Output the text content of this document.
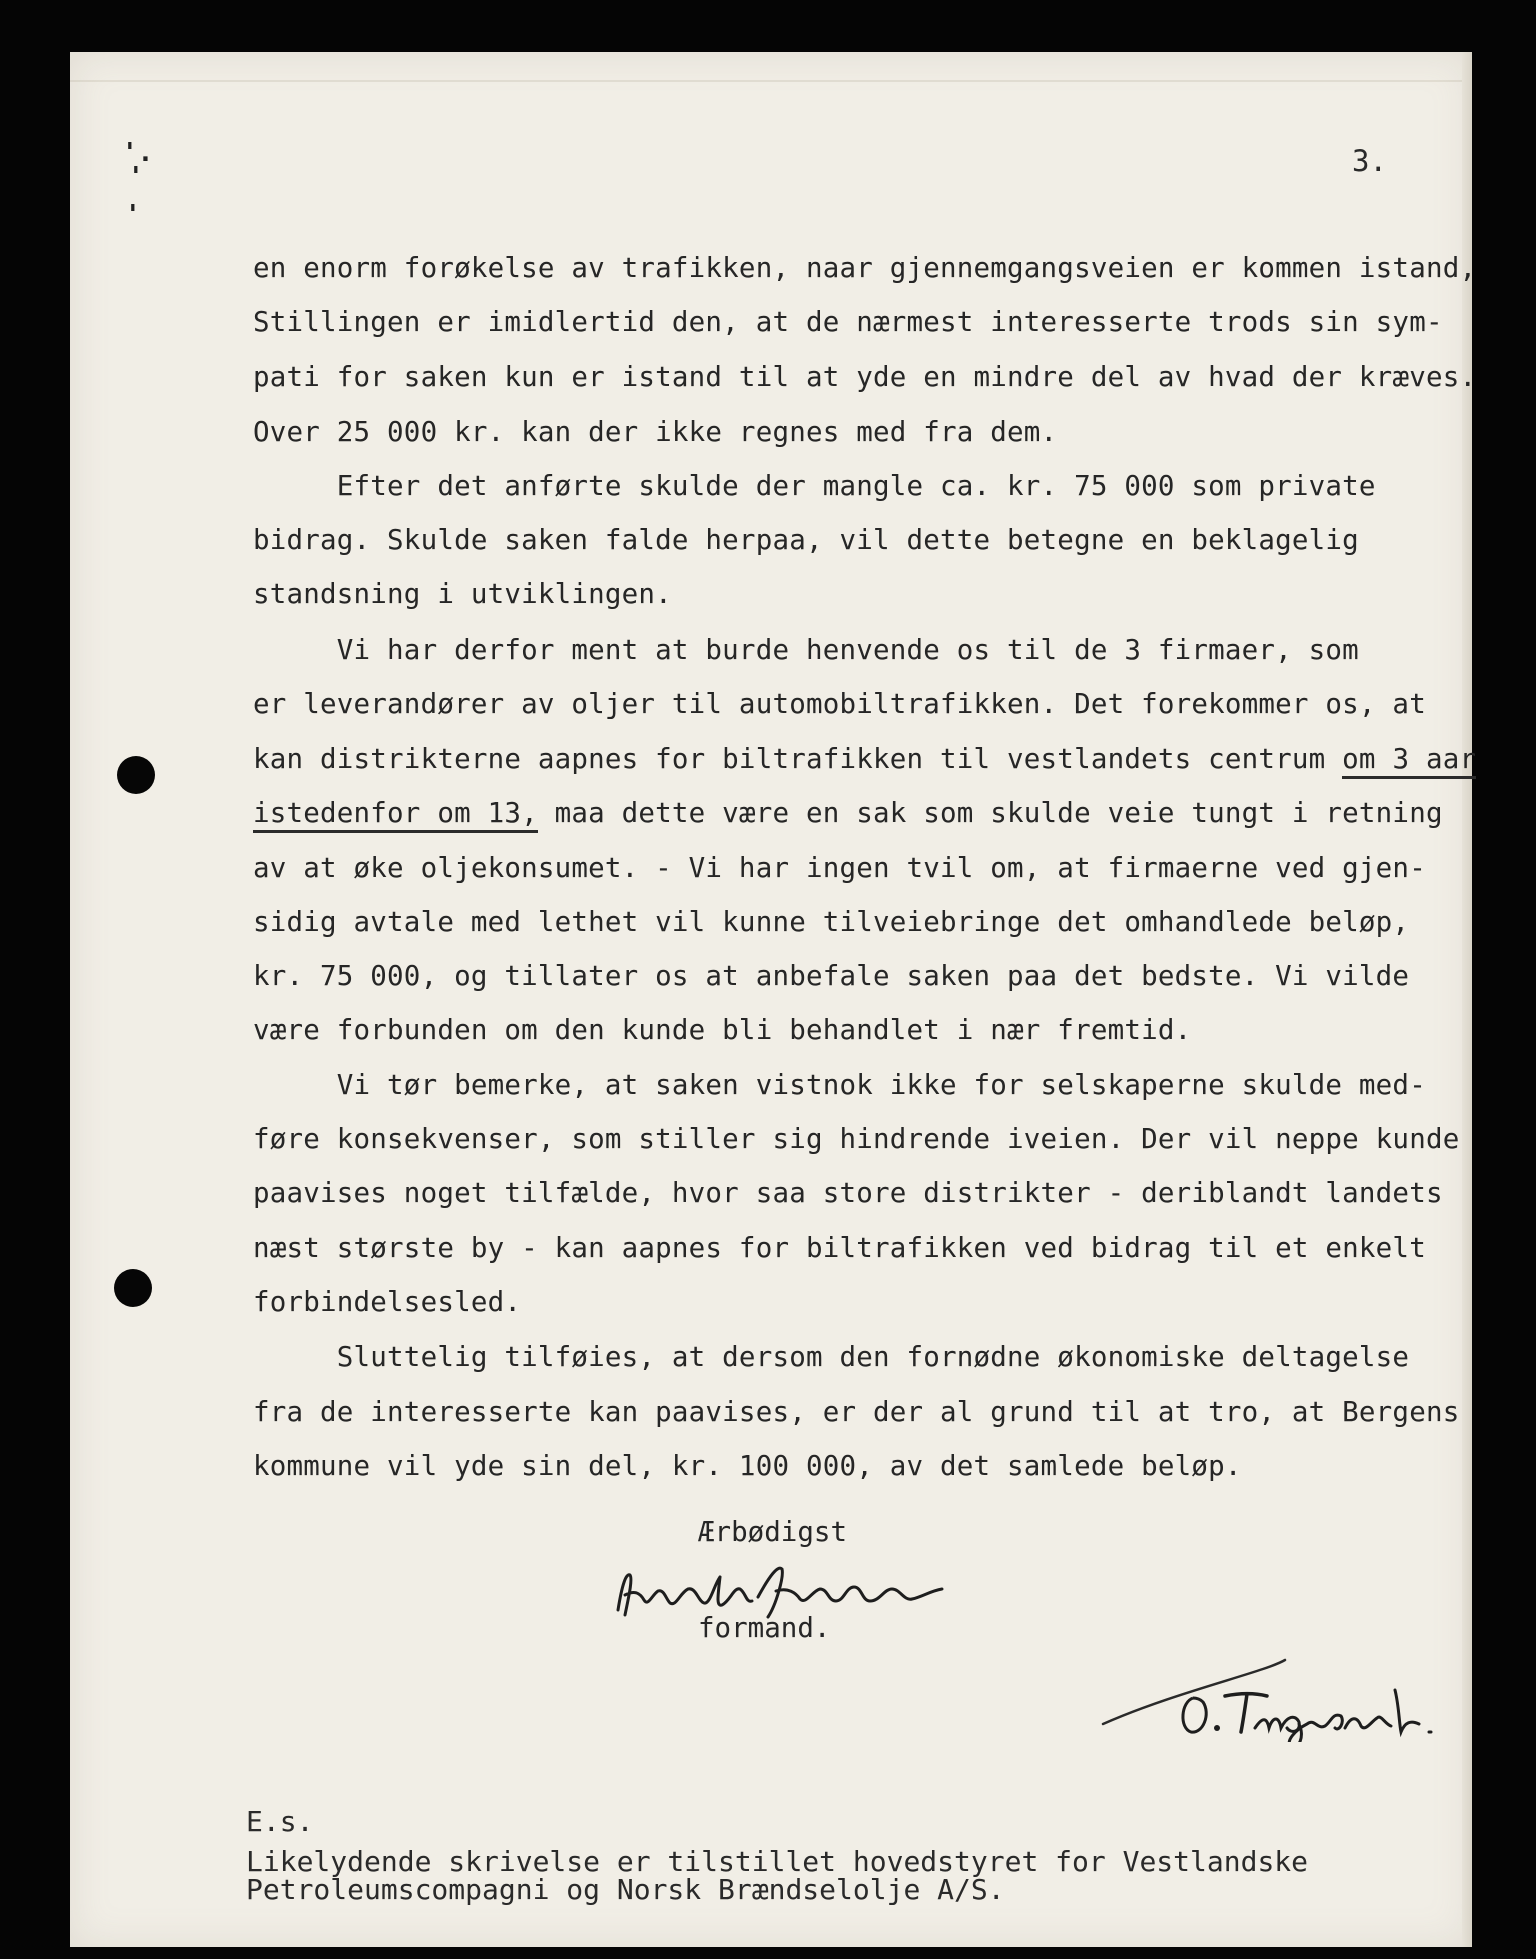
'.
'
'
3.
en enorm forøkelse av trafikken, naar gjennemgangsveien er kommen istand,
Stillingen er imidlertid den, at de nærmest interesserte trods sin sym-
pati for saken kun er istand til at yde en mindre del av hvad der kræves.
Over 25 000 kr. kan der ikke regnes med fra dem.
Efter det anførte skulde der mangle ca. kr. 75 000 som private
bidrag. Skulde saken falde herpaa, vil dette betegne en beklagelig
standsning i utviklingen.
Vi har derfor ment at burde henvende os til de 3 firmaer, som
er leverandører av oljer til automobiltrafikken. Det forekommer os, at
kan distrikterne aapnes for biltrafikken til vestlandets centrum om 3 aar
istedenfor om 13, maa dette være en sak som skulde veie tungt i retning
av at øke oljekonsumet. - Vi har ingen tvil om, at firmaerne ved gjen-
sidig avtale med lethet vil kunne tilveiebringe det omhandlede beløp,
kr. 75 000, og tillater os at anbefale saken paa det bedste. Vi vilde
være forbunden om den kunde bli behandlet i nær fremtid.
Vi tør bemerke, at saken vistnok ikke for selskaperne skulde med-
føre konsekvenser, som stiller sig hindrende iveien. Der vil neppe kunde
paavises noget tilfælde, hvor saa store distrikter - deriblandt landets
næst største by - kan aapnes for biltrafikken ved bidrag til et enkelt
forbindelsesled.
Sluttelig tilføies, at dersom den fornødne økonomiske deltagelse
fra de interesserte kan paavises, er der al grund til at tro, at Bergens
kommune vil yde sin del, kr. 100 000, av det samlede beløp.
Ærbødigst
formand.
E.s.
Likelydende skrivelse er tilstillet hovedstyret for Vestlandske
Petroleumscompagni og Norsk Brændselolje A/S.
